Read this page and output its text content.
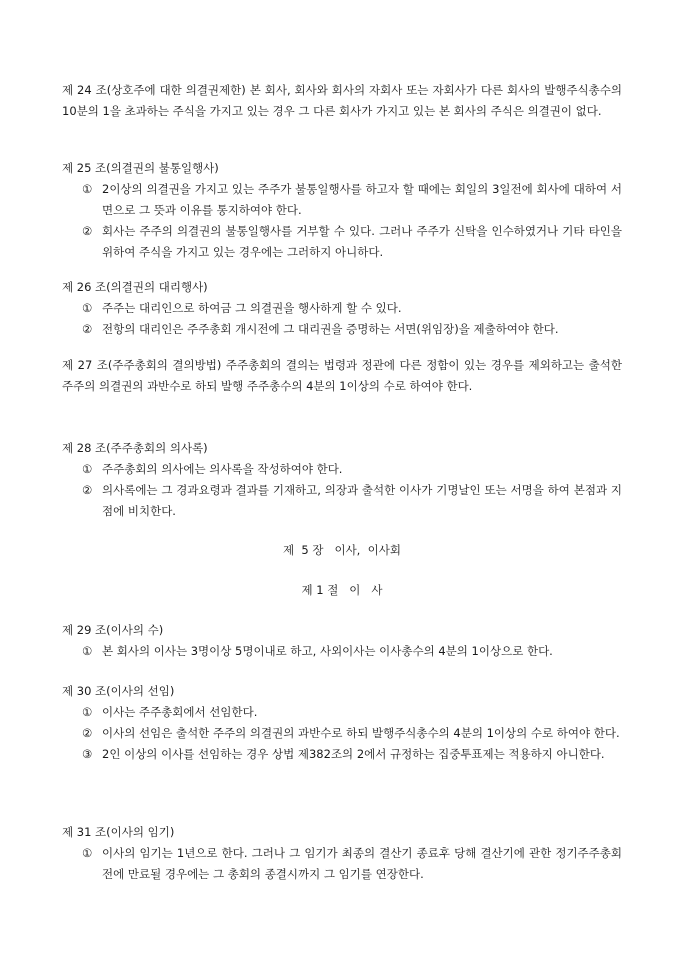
제 24 조(상호주에 대한 의결권제한) 본 회사, 회사와 회사의 자회사 또는 자회사가 다른 회사의 발행주식총수의 10분의 1을 초과하는 주식을 가지고 있는 경우 그 다른 회사가 가지고 있는 본 회사의 주식은 의결권이 없다.
제 25 조(의결권의 불통일행사)
① 2이상의 의결권을 가지고 있는 주주가 불통일행사를 하고자 할 때에는 회일의 3일전에 회사에 대하여 서면으로 그 뜻과 이유를 통지하여야 한다.
② 회사는 주주의 의결권의 불통일행사를 거부할 수 있다. 그러나 주주가 신탁을 인수하였거나 기타 타인을 위하여 주식을 가지고 있는 경우에는 그러하지 아니하다.
제 26 조(의결권의 대리행사)
① 주주는 대리인으로 하여금 그 의결권을 행사하게 할 수 있다.
② 전항의 대리인은 주주총회 개시전에 그 대리권을 증명하는 서면(위임장)을 제출하여야 한다.
제 27 조(주주총회의 결의방법) 주주총회의 결의는 법령과 정관에 다른 정함이 있는 경우를 제외하고는 출석한 주주의 의결권의 과반수로 하되 발행 주주총수의 4분의 1이상의 수로 하여야 한다.
제 28 조(주주총회의 의사록)
① 주주총회의 의사에는 의사록을 작성하여야 한다.
② 의사록에는 그 경과요령과 결과를 기재하고, 의장과 출석한 이사가 기명날인 또는 서명을 하여 본점과 지점에 비치한다.
제  5 장   이사,  이사회
제 1 절   이   사
제 29 조(이사의 수)
① 본 회사의 이사는 3명이상 5명이내로 하고, 사외이사는 이사총수의 4분의 1이상으로 한다.
제 30 조(이사의 선임)
① 이사는 주주총회에서 선임한다.
② 이사의 선임은 출석한 주주의 의결권의 과반수로 하되 발행주식총수의 4분의 1이상의 수로 하여야 한다.
③ 2인 이상의 이사를 선임하는 경우 상법 제382조의 2에서 규정하는 집중투표제는 적용하지 아니한다.
제 31 조(이사의 임기)
① 이사의 임기는 1년으로 한다. 그러나 그 임기가 최종의 결산기 종료후 당해 결산기에 관한 정기주주총회전에 만료될 경우에는 그 총회의 종결시까지 그 임기를 연장한다.
